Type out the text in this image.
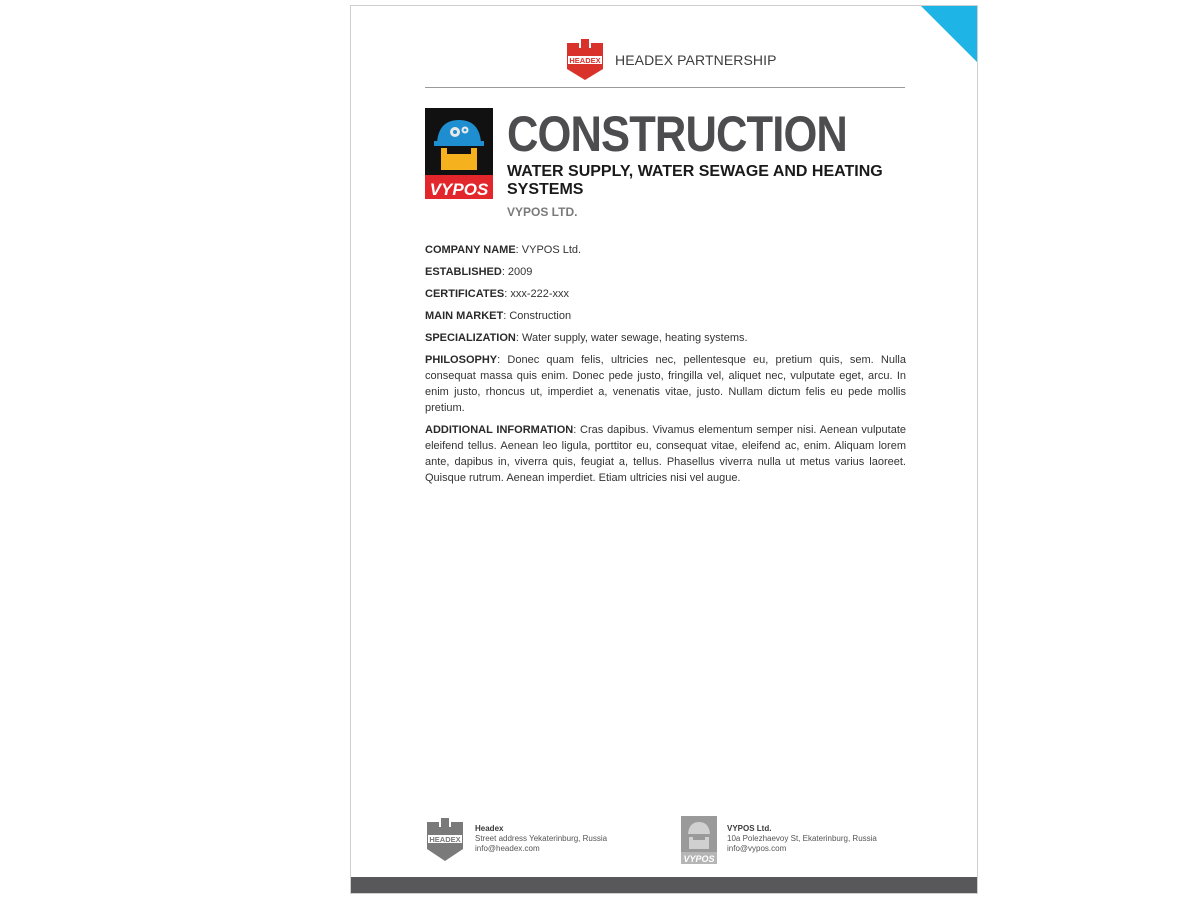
HEADEX HEADEX PARTNERSHIP
VYPOS
CONSTRUCTION
WATER SUPPLY, WATER SEWAGE AND HEATING SYSTEMS
VYPOS LTD.
COMPANY NAME: VYPOS Ltd.
ESTABLISHED: 2009
CERTIFICATES: xxx-222-xxx
MAIN MARKET: Construction
SPECIALIZATION: Water supply, water sewage, heating systems.
PHILOSOPHY: Donec quam felis, ultricies nec, pellentesque eu, pretium quis, sem. Nulla consequat massa quis enim. Donec pede justo, fringilla vel, aliquet nec, vulputate eget, arcu. In enim justo, rhoncus ut, imperdiet a, venenatis vitae, justo. Nullam dictum felis eu pede mollis pretium.
ADDITIONAL INFORMATION: Cras dapibus. Vivamus elementum semper nisi. Aenean vulputate eleifend tellus. Aenean leo ligula, porttitor eu, consequat vitae, eleifend ac, enim. Aliquam lorem ante, dapibus in, viverra quis, feugiat a, tellus. Phasellus viverra nulla ut metus varius laoreet. Quisque rutrum. Aenean imperdiet. Etiam ultricies nisi vel augue.
HEADEX
Headex
Street address Yekaterinburg, Russia
info@headex.com
VYPOS
VYPOS Ltd.
10a Polezhaevoy St, Ekaterinburg, Russia
info@vypos.com
